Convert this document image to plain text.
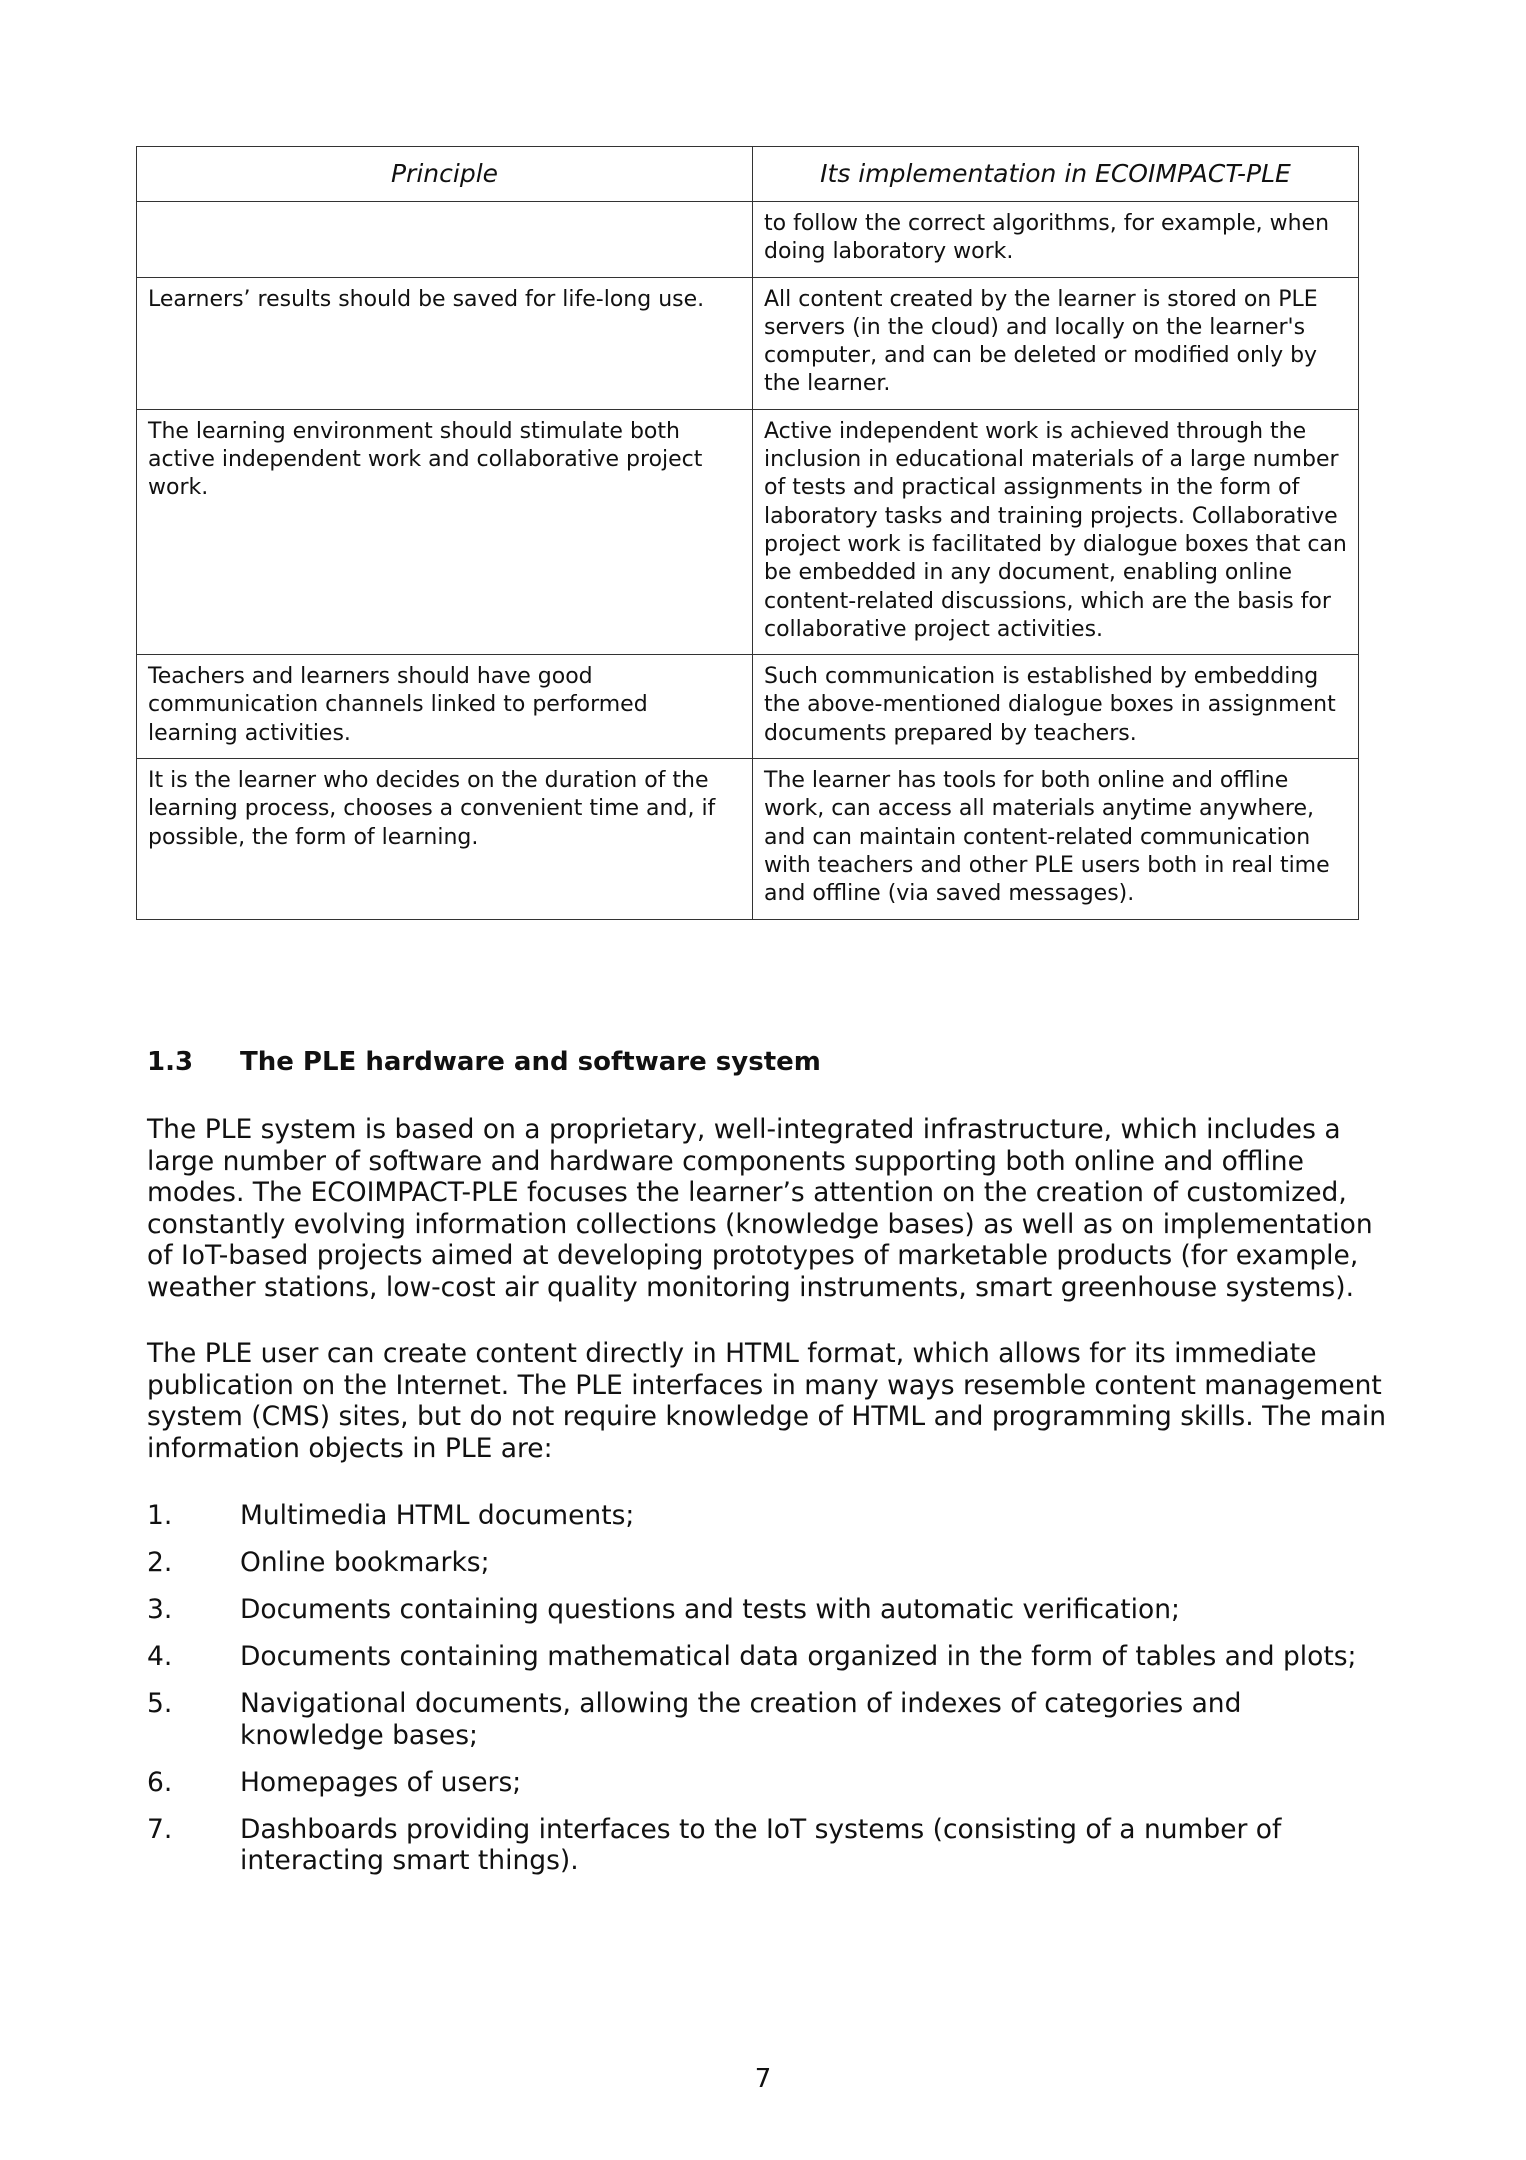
Principle	Its implementation in ECOIMPACT-PLE
	to follow the correct algorithms, for example, when doing laboratory work.
Learners’ results should be saved for life-long use.	All content created by the learner is stored on PLE servers (in the cloud) and locally on the learner's computer, and can be deleted or modified only by the learner.
The learning environment should stimulate both active independent work and collaborative project work.	Active independent work is achieved through the inclusion in educational materials of a large number of tests and practical assignments in the form of laboratory tasks and training projects. Collaborative project work is facilitated by dialogue boxes that can be embedded in any document, enabling online content-related discussions, which are the basis for collaborative project activities.
Teachers and learners should have good communication channels linked to performed learning activities.	Such communication is established by embedding the above-mentioned dialogue boxes in assignment documents prepared by teachers.
It is the learner who decides on the duration of the learning process, chooses a convenient time and, if possible, the form of learning.	The learner has tools for both online and offline work, can access all materials anytime anywhere, and can maintain content-related communication with teachers and other PLE users both in real time and offline (via saved messages).
1.3 The PLE hardware and software system

The PLE system is based on a proprietary, well-integrated infrastructure, which includes a large number of software and hardware components supporting both online and offline modes. The ECOIMPACT-PLE focuses the learner’s attention on the creation of customized, constantly evolving information collections (knowledge bases) as well as on implementation of IoT-based projects aimed at developing prototypes of marketable products (for example, weather stations, low-cost air quality monitoring instruments, smart greenhouse systems).

The PLE user can create content directly in HTML format, which allows for its immediate publication on the Internet. The PLE interfaces in many ways resemble content management system (CMS) sites, but do not require knowledge of HTML and programming skills. The main information objects in PLE are:

1.	Multimedia HTML documents;
2.	Online bookmarks;
3.	Documents containing questions and tests with automatic verification;
4.	Documents containing mathematical data organized in the form of tables and plots;
5.	Navigational documents, allowing the creation of indexes of categories and knowledge bases;
6.	Homepages of users;
7.	Dashboards providing interfaces to the IoT systems (consisting of a number of interacting smart things).
7
